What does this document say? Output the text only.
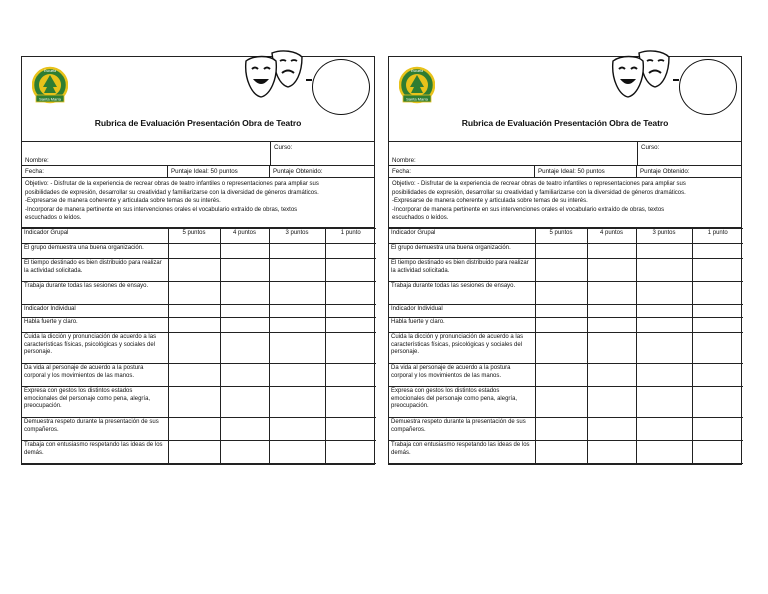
Santa María
Escuela
Rubrica de Evaluación Presentación Obra de Teatro
Nombre:
Curso:
Fecha:	Puntaje Ideal: 50 puntos	Puntaje Obtenido:
Objetivo: - Disfrutar de la experiencia de recrear obras de teatro infantiles o representaciones para ampliar sus
posibilidades de expresión, desarrollar su creatividad y familiarizarse con la diversidad de géneros dramáticos.
-Expresarse de manera coherente y articulada sobre temas de su interés.
-Incorporar de manera pertinente en sus intervenciones orales el vocabulario extraído de obras, textos
escuchados o leídos.
Indicador Grupal	5 puntos	4 puntos	3 puntos	1 punto
El grupo demuestra una buena organización.				
El tiempo destinado es bien distribuido para realizar la actividad solicitada.				
Trabaja durante todas las sesiones de ensayo.				
Indicador Individual				
Habla fuerte y claro.				
Cuida la dicción y pronunciación de acuerdo a las características físicas, psicológicas y sociales del personaje.				
Da vida al personaje de acuerdo a la postura corporal y los movimientos de las manos.				
Expresa con gestos los distintos estados emocionales del personaje como pena, alegría, preocupación.				
Demuestra respeto durante la presentación de sus compañeros.				
Trabaja con entusiasmo respetando las ideas de los demás.				
Santa María
Escuela
Rubrica de Evaluación Presentación Obra de Teatro
Nombre:
Curso:
Fecha:	Puntaje Ideal: 50 puntos	Puntaje Obtenido:
Objetivo: - Disfrutar de la experiencia de recrear obras de teatro infantiles o representaciones para ampliar sus
posibilidades de expresión, desarrollar su creatividad y familiarizarse con la diversidad de géneros dramáticos.
-Expresarse de manera coherente y articulada sobre temas de su interés.
-Incorporar de manera pertinente en sus intervenciones orales el vocabulario extraído de obras, textos
escuchados o leídos.
Indicador Grupal	5 puntos	4 puntos	3 puntos	1 punto
El grupo demuestra una buena organización.				
El tiempo destinado es bien distribuido para realizar la actividad solicitada.				
Trabaja durante todas las sesiones de ensayo.				
Indicador Individual				
Habla fuerte y claro.				
Cuida la dicción y pronunciación de acuerdo a las características físicas, psicológicas y sociales del personaje.				
Da vida al personaje de acuerdo a la postura corporal y los movimientos de las manos.				
Expresa con gestos los distintos estados emocionales del personaje como pena, alegría, preocupación.				
Demuestra respeto durante la presentación de sus compañeros.				
Trabaja con entusiasmo respetando las ideas de los demás.				
